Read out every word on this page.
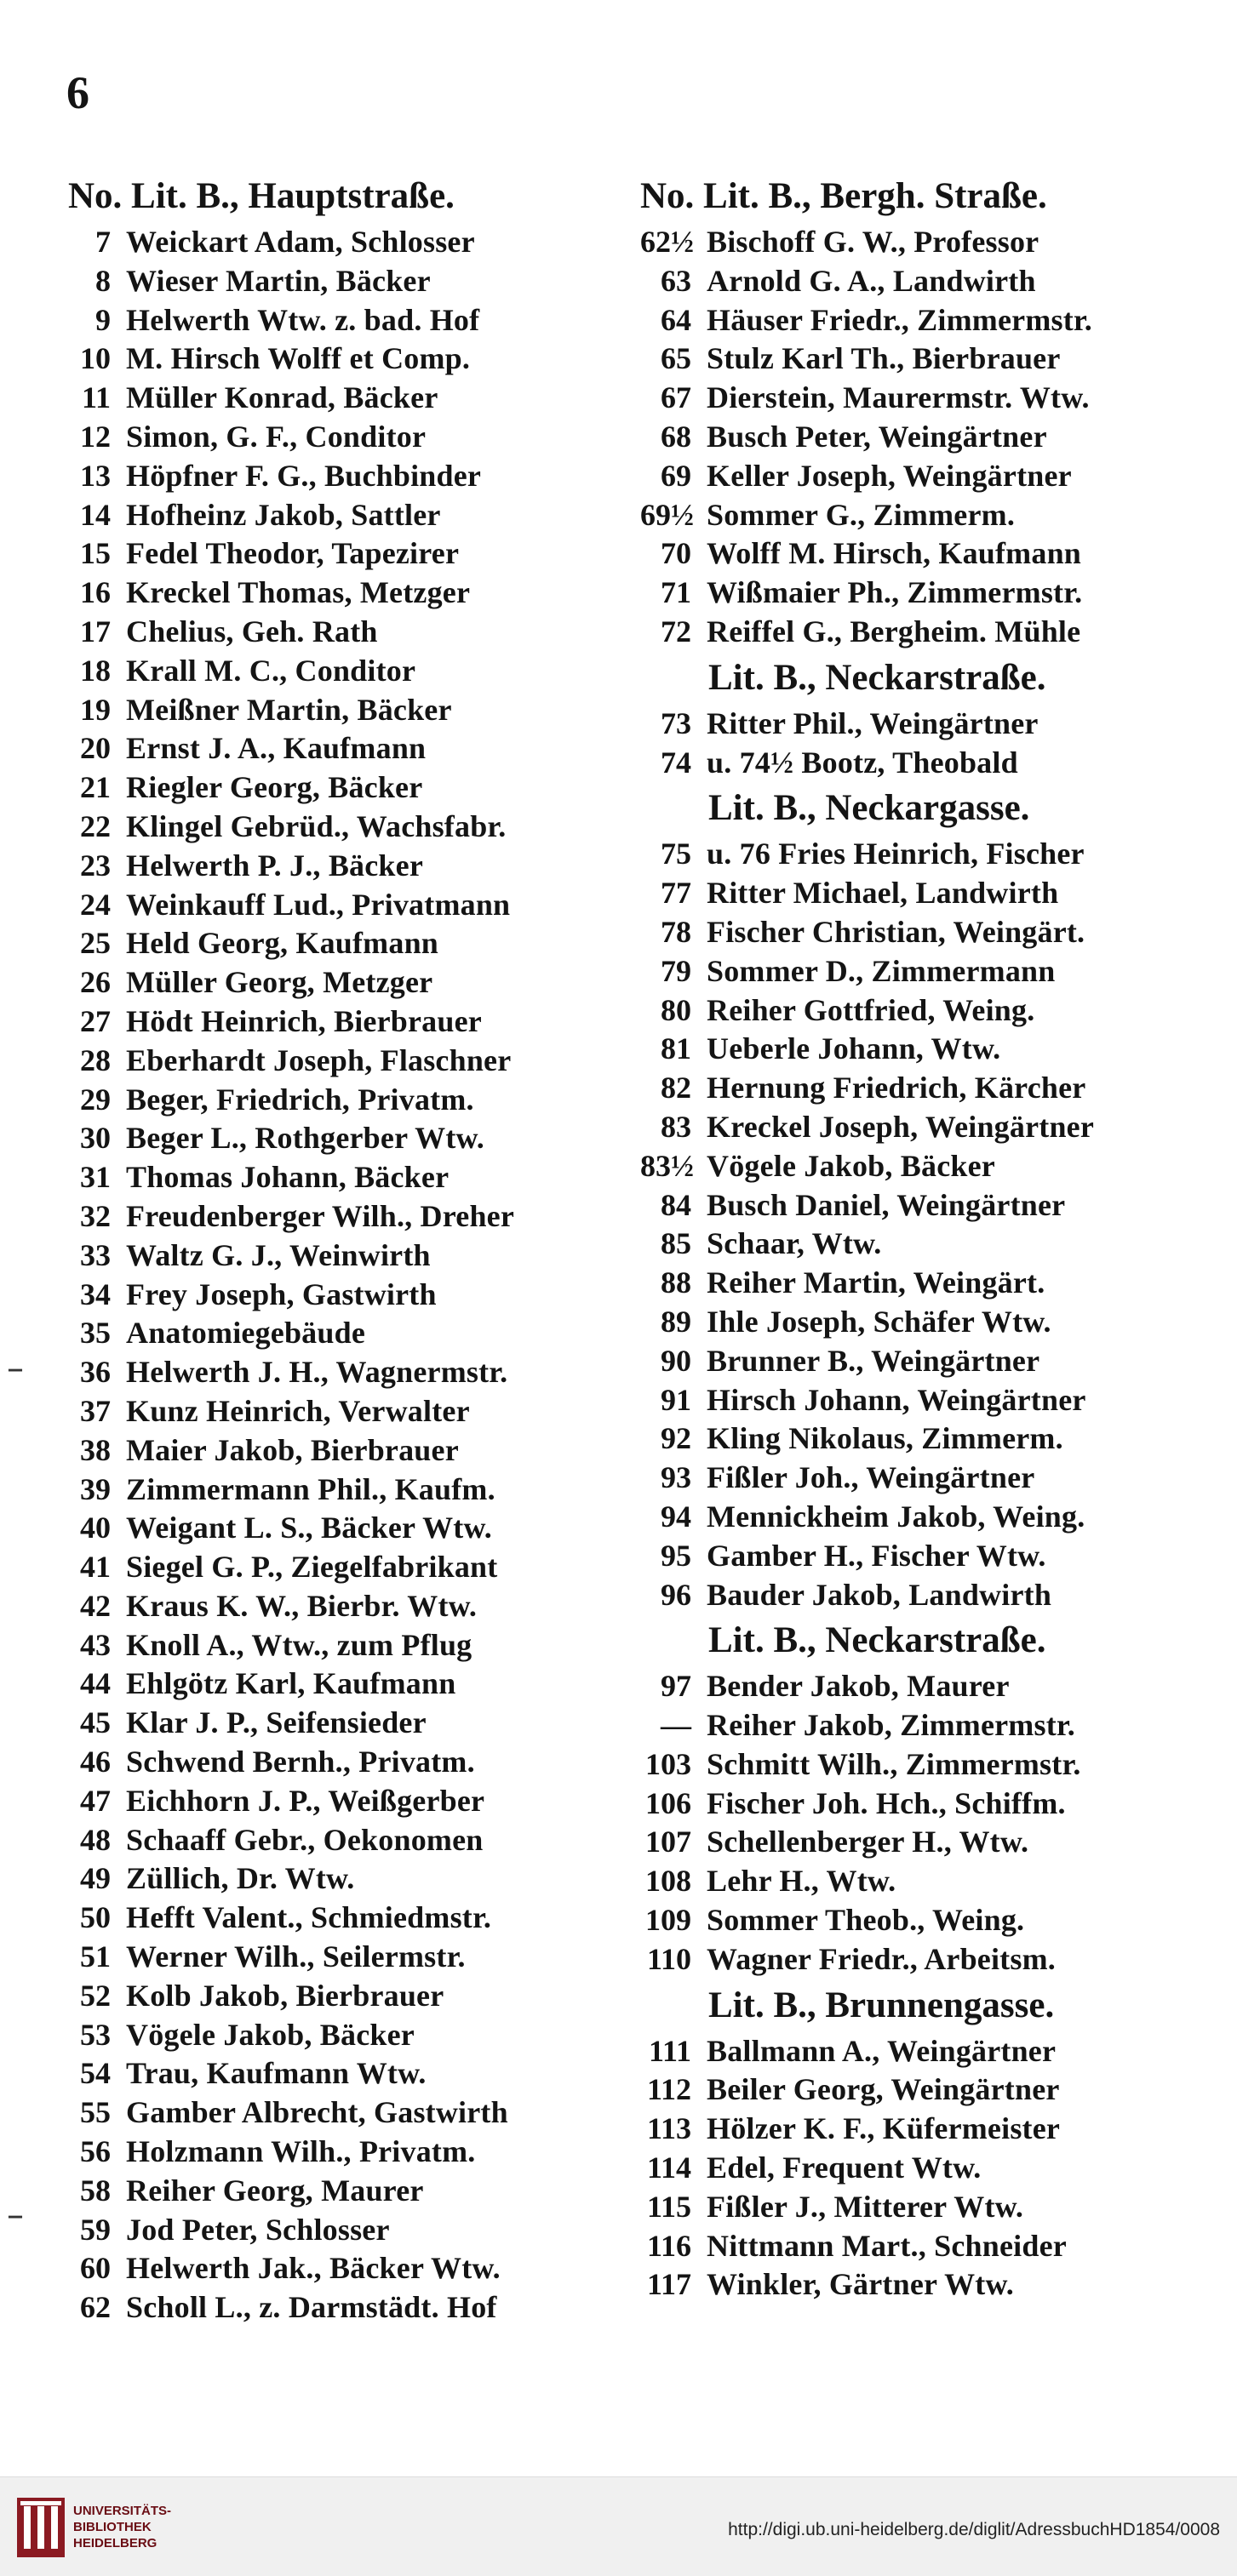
6
No. Lit. B., Hauptstraße.
7 Weickart Adam, Schlosser
8 Wieser Martin, Bäcker
9 Helwerth Wtw. z. bad. Hof
10 M. Hirsch Wolff et Comp.
11 Müller Konrad, Bäcker
12 Simon, G. F., Conditor
13 Höpfner F. G., Buchbinder
14 Hofheinz Jakob, Sattler
15 Fedel Theodor, Tapezirer
16 Kreckel Thomas, Metzger
17 Chelius, Geh. Rath
18 Krall M. C., Conditor
19 Meißner Martin, Bäcker
20 Ernst J. A., Kaufmann
21 Riegler Georg, Bäcker
22 Klingel Gebrüd., Wachsfabr.
23 Helwerth P. J., Bäcker
24 Weinkauff Lud., Privatmann
25 Held Georg, Kaufmann
26 Müller Georg, Metzger
27 Hödt Heinrich, Bierbrauer
28 Eberhardt Joseph, Flaschner
29 Beger, Friedrich, Privatm.
30 Beger L., Rothgerber Wtw.
31 Thomas Johann, Bäcker
32 Freudenberger Wilh., Dreher
33 Waltz G. J., Weinwirth
34 Frey Joseph, Gastwirth
35 Anatomiegebäude
36 Helwerth J. H., Wagnermstr.
37 Kunz Heinrich, Verwalter
38 Maier Jakob, Bierbrauer
39 Zimmermann Phil., Kaufm.
40 Weigant L. S., Bäcker Wtw.
41 Siegel G. P., Ziegelfabrikant
42 Kraus K. W., Bierbr. Wtw.
43 Knoll A., Wtw., zum Pflug
44 Ehlgötz Karl, Kaufmann
45 Klar J. P., Seifensieder
46 Schwend Bernh., Privatm.
47 Eichhorn J. P., Weißgerber
48 Schaaff Gebr., Oekonomen
49 Züllich, Dr. Wtw.
50 Hefft Valent., Schmiedmstr.
51 Werner Wilh., Seilermstr.
52 Kolb Jakob, Bierbrauer
53 Vögele Jakob, Bäcker
54 Trau, Kaufmann Wtw.
55 Gamber Albrecht, Gastwirth
56 Holzmann Wilh., Privatm.
58 Reiher Georg, Maurer
59 Jod Peter, Schlosser
60 Helwerth Jak., Bäcker Wtw.
62 Scholl L., z. Darmstädt. Hof
No. Lit. B., Bergh. Straße.
62½ Bischoff G. W., Professor
63 Arnold G. A., Landwirth
64 Häuser Friedr., Zimmermstr.
65 Stulz Karl Th., Bierbrauer
67 Dierstein, Maurermstr. Wtw.
68 Busch Peter, Weingärtner
69 Keller Joseph, Weingärtner
69½ Sommer G., Zimmerm.
70 Wolff M. Hirsch, Kaufmann
71 Wißmaier Ph., Zimmermstr.
72 Reiffel G., Bergheim. Mühle
Lit. B., Neckarstraße.
73 Ritter Phil., Weingärtner
74 u. 74½ Bootz, Theobald
Lit. B., Neckargasse.
75 u. 76 Fries Heinrich, Fischer
77 Ritter Michael, Landwirth
78 Fischer Christian, Weingärt.
79 Sommer D., Zimmermann
80 Reiher Gottfried, Weing.
81 Ueberle Johann, Wtw.
82 Hernung Friedrich, Kärcher
83 Kreckel Joseph, Weingärtner
83½ Vögele Jakob, Bäcker
84 Busch Daniel, Weingärtner
85 Schaar, Wtw.
88 Reiher Martin, Weingärt.
89 Ihle Joseph, Schäfer Wtw.
90 Brunner B., Weingärtner
91 Hirsch Johann, Weingärtner
92 Kling Nikolaus, Zimmerm.
93 Fißler Joh., Weingärtner
94 Mennickheim Jakob, Weing.
95 Gamber H., Fischer Wtw.
96 Bauder Jakob, Landwirth
Lit. B., Neckarstraße.
97 Bender Jakob, Maurer
— Reiher Jakob, Zimmermstr.
103 Schmitt Wilh., Zimmermstr.
106 Fischer Joh. Hch., Schiffm.
107 Schellenberger H., Wtw.
108 Lehr H., Wtw.
109 Sommer Theob., Weing.
110 Wagner Friedr., Arbeitsm.
Lit. B., Brunnengasse.
111 Ballmann A., Weingärtner
112 Beiler Georg, Weingärtner
113 Hölzer K. F., Küfermeister
114 Edel, Frequent Wtw.
115 Fißler J., Mitterer Wtw.
116 Nittmann Mart., Schneider
117 Winkler, Gärtner Wtw.
–
–
UNIVERSITÄTS-
BIBLIOTHEK
HEIDELBERG
http://digi.ub.uni-heidelberg.de/diglit/AdressbuchHD1854/0008
